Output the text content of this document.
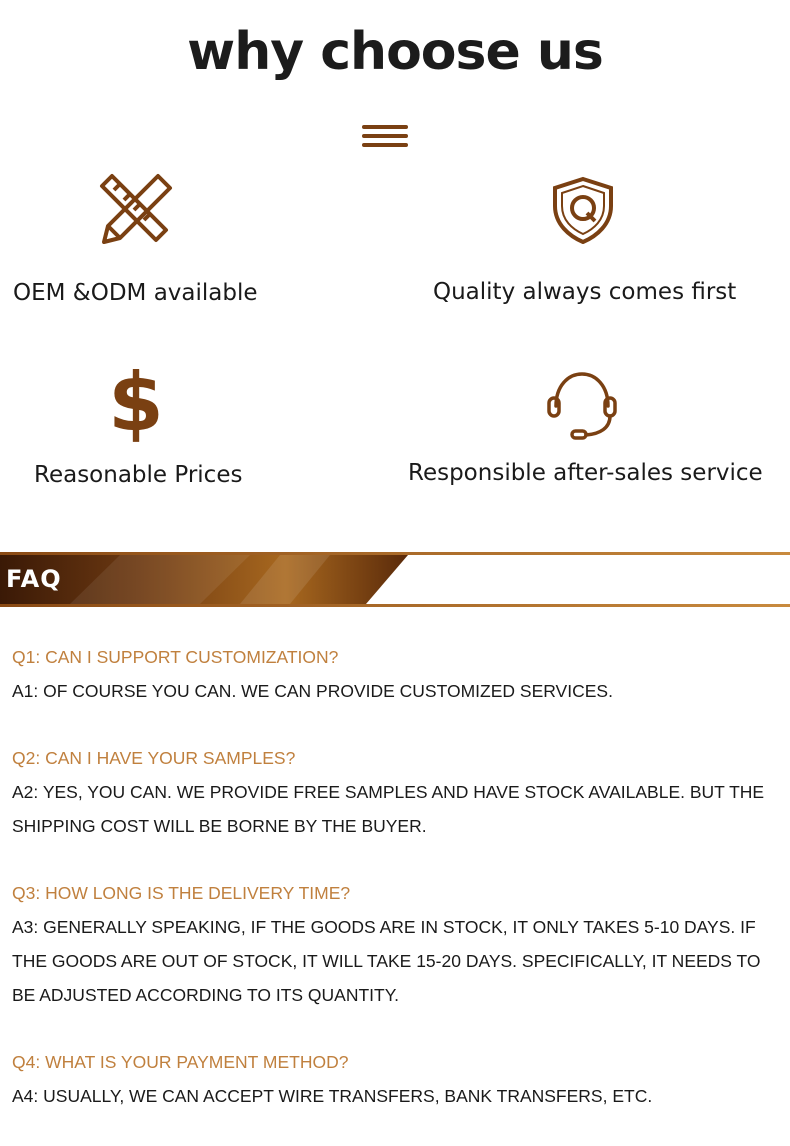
why choose us
OEM &ODM available	Quality always comes first
$
Reasonable Prices	Responsible after-sales service
FAQ
Q1: CAN I SUPPORT CUSTOMIZATION?
A1: OF COURSE YOU CAN. WE CAN PROVIDE CUSTOMIZED SERVICES.
Q2: CAN I HAVE YOUR SAMPLES?
A2: YES, YOU CAN. WE PROVIDE FREE SAMPLES AND HAVE STOCK AVAILABLE. BUT THE SHIPPING COST WILL BE BORNE BY THE BUYER.
Q3: HOW LONG IS THE DELIVERY TIME?
A3: GENERALLY SPEAKING, IF THE GOODS ARE IN STOCK, IT ONLY TAKES 5-10 DAYS. IF THE GOODS ARE OUT OF STOCK, IT WILL TAKE 15-20 DAYS. SPECIFICALLY, IT NEEDS TO BE ADJUSTED ACCORDING TO ITS QUANTITY.
Q4: WHAT IS YOUR PAYMENT METHOD?
A4: USUALLY, WE CAN ACCEPT WIRE TRANSFERS, BANK TRANSFERS, ETC.
